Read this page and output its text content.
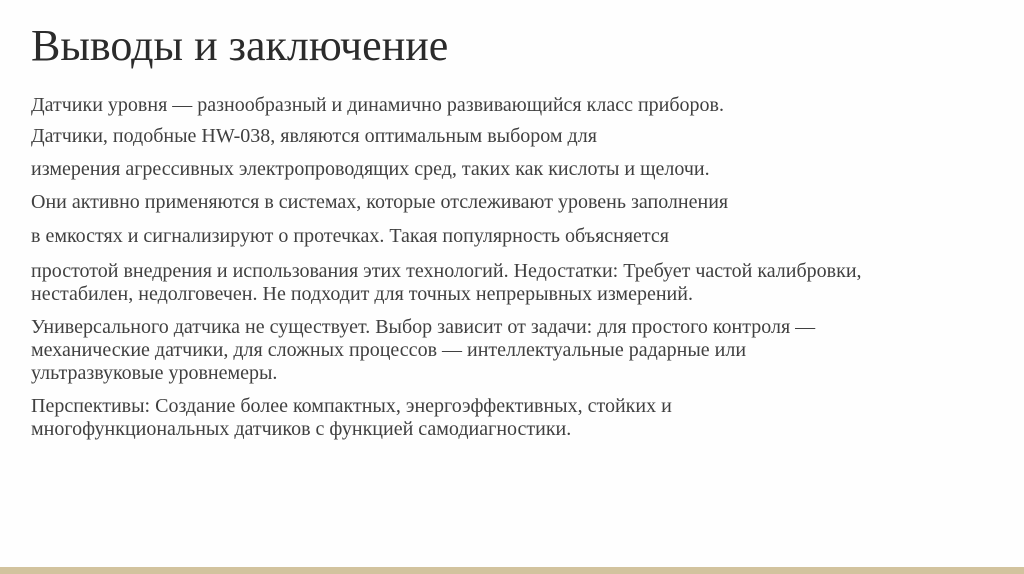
Выводы и заключение
Датчики уровня — разнообразный и динамично развивающийся класс приборов.
Датчики, подобные HW-038, являются оптимальным выбором для
измерения агрессивных электропроводящих сред, таких как кислоты и щелочи.
Они активно применяются в системах, которые отслеживают уровень заполнения
в емкостях и сигнализируют о протечках. Такая популярность объясняется
простотой внедрения и использования этих технологий. Недостатки: Требует частой калибровки,
нестабилен, недолговечен. Не подходит для точных непрерывных измерений.
Универсального датчика не существует. Выбор зависит от задачи: для простого контроля —
механические датчики, для сложных процессов — интеллектуальные радарные или
ультразвуковые уровнемеры.
Перспективы: Создание более компактных, энергоэффективных, стойких и
многофункциональных датчиков с функцией самодиагностики.
